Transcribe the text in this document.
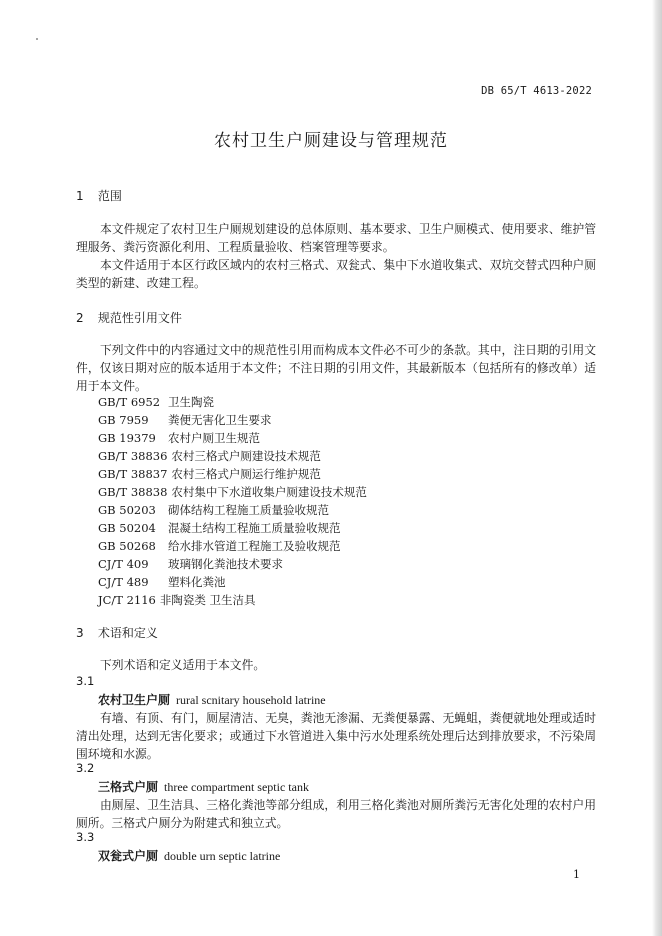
DB 65/T 4613-2022
农村卫生户厕建设与管理规范
1 范围
本文件规定了农村卫生户厕规划建设的总体原则、基本要求、卫生户厕模式、使用要求、维护管理服务、粪污资源化利用、工程质量验收、档案管理等要求。
本文件适用于本区行政区域内的农村三格式、双瓮式、集中下水道收集式、双坑交替式四种户厕类型的新建、改建工程。
2 规范性引用文件
下列文件中的内容通过文中的规范性引用而构成本文件必不可少的条款。其中，注日期的引用文件，仅该日期对应的版本适用于本文件；不注日期的引用文件，其最新版本（包括所有的修改单）适用于本文件。
GB/T 6952 卫生陶瓷
GB 7959 粪便无害化卫生要求
GB 19379 农村户厕卫生规范
GB/T 38836 农村三格式户厕建设技术规范
GB/T 38837 农村三格式户厕运行维护规范
GB/T 38838 农村集中下水道收集户厕建设技术规范
GB 50203 砌体结构工程施工质量验收规范
GB 50204 混凝土结构工程施工质量验收规范
GB 50268 给水排水管道工程施工及验收规范
CJ/T 409 玻璃钢化粪池技术要求
CJ/T 489 塑料化粪池
JC/T 2116 非陶瓷类 卫生洁具
3 术语和定义
下列术语和定义适用于本文件。
3.1
农村卫生户厕 rural scnitary household latrine
有墙、有顶、有门，厕屋清洁、无臭，粪池无渗漏、无粪便暴露、无蝇蛆，粪便就地处理或适时清出处理，达到无害化要求；或通过下水管道进入集中污水处理系统处理后达到排放要求，不污染周围环境和水源。
3.2
三格式户厕 three compartment septic tank
由厕屋、卫生洁具、三格化粪池等部分组成，利用三格化粪池对厕所粪污无害化处理的农村户用厕所。三格式户厕分为附建式和独立式。
3.3
双瓮式户厕 double urn septic latrine
1
